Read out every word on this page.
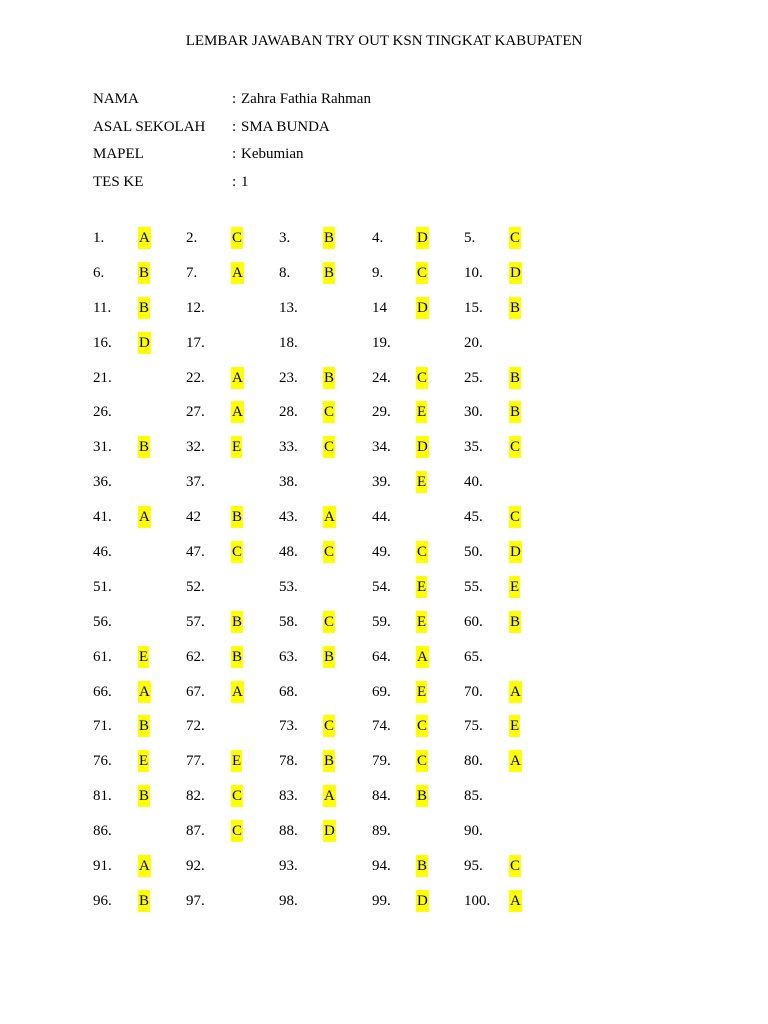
LEMBAR JAWABAN TRY OUT KSN TINGKAT KABUPATEN
NAMA	: Zahra Fathia Rahman
ASAL SEKOLAH : SMA BUNDA
MAPEL	: Kebumian
TES KE	: 1
1. A 2. C 3. B	4. D 5. C
6. B 7. A 8. B	9. C 10. D
11. B 12.	13.	14 D 15. B
16. D 17.	18.	19.	20.
21.	22. A 23. B	24. C 25. B
26.	27. A 28. C	29. E	30. B
31. B 32. E	33. C	34. D 35. C
36.	37.	38.	39. E	40.
41. A 42 B 43. A 44.	45. C
46.	47. C 48. C	49. C 50. D
51.	52.	53.	54. E	55. E
56.	57. B 58. C	59. E	60. B
61. E	62. B 63. B	64. A 65.
66. A 67. A 68.	69. E	70. A
71. B 72.	73. C	74. C 75. E
76. E	77. E	78. B	79. C 80. A
81. B 82. C 83. A 84. B 85.
86.	87. C 88. D 89.	90.
91. A 92.	93.	94. B 95. C
96. B 97.	98.	99. D 100. A
